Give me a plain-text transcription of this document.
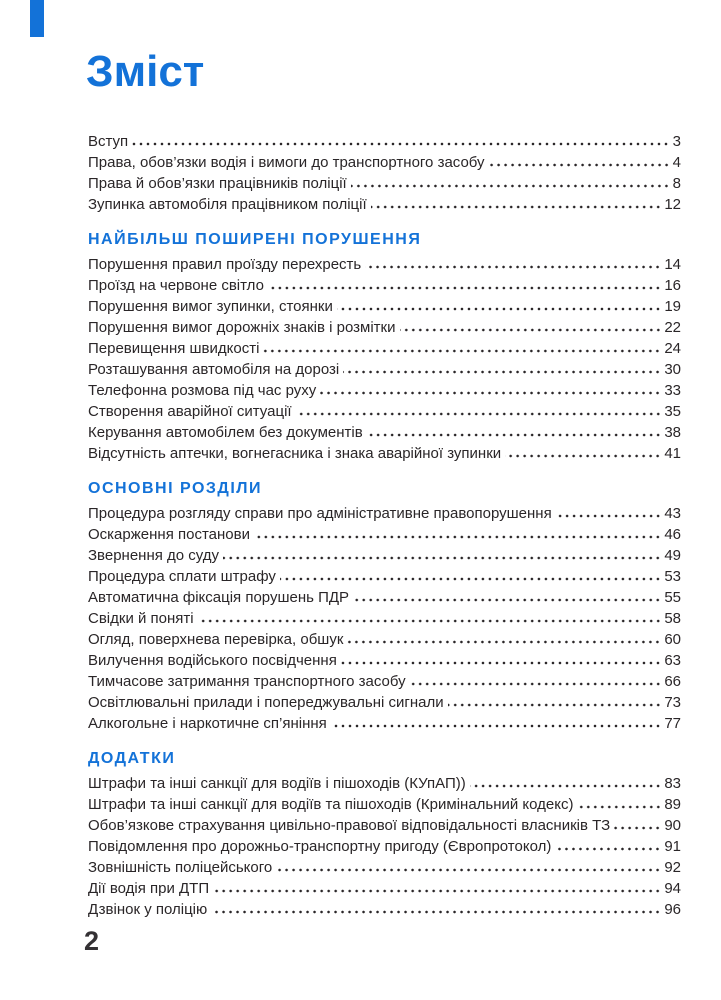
Зміст
Вступ	3
Права, обов’язки водія і вимоги до транспортного засобу	4
Права й обов’язки працівників поліції	8
Зупинка автомобіля працівником поліції	12
НАЙБІЛЬШ ПОШИРЕНІ ПОРУШЕННЯ
Порушення правил проїзду перехресть	14
Проїзд на червоне світло	16
Порушення вимог зупинки, стоянки	19
Порушення вимог дорожніх знаків і розмітки	22
Перевищення швидкості	24
Розташування автомобіля на дорозі	30
Телефонна розмова під час руху	33
Створення аварійної ситуації	35
Керування автомобілем без документів	38
Відсутність аптечки, вогнегасника і знака аварійної зупинки	41
ОСНОВНІ РОЗДІЛИ
Процедура розгляду справи про адміністративне правопорушення	43
Оскарження постанови	46
Звернення до суду	49
Процедура сплати штрафу	53
Автоматична фіксація порушень ПДР	55
Свідки й поняті	58
Огляд, поверхнева перевірка, обшук	60
Вилучення водійського посвідчення	63
Тимчасове затримання транспортного засобу	66
Освітлювальні прилади і попереджувальні сигнали	73
Алкогольне і наркотичне сп’яніння	77
ДОДАТКИ
Штрафи та інші санкції для водіїв і пішоходів (КУпАП))	83
Штрафи та інші санкції для водіїв та пішоходів (Кримінальний кодекс)	89
Обов’язкове страхування цивільно-правової відповідальності власників ТЗ	90
Повідомлення про дорожньо-транспортну пригоду (Європротокол)	91
Зовнішність поліцейського	92
Дії водія при ДТП	94
Дзвінок у поліцію	96
2
